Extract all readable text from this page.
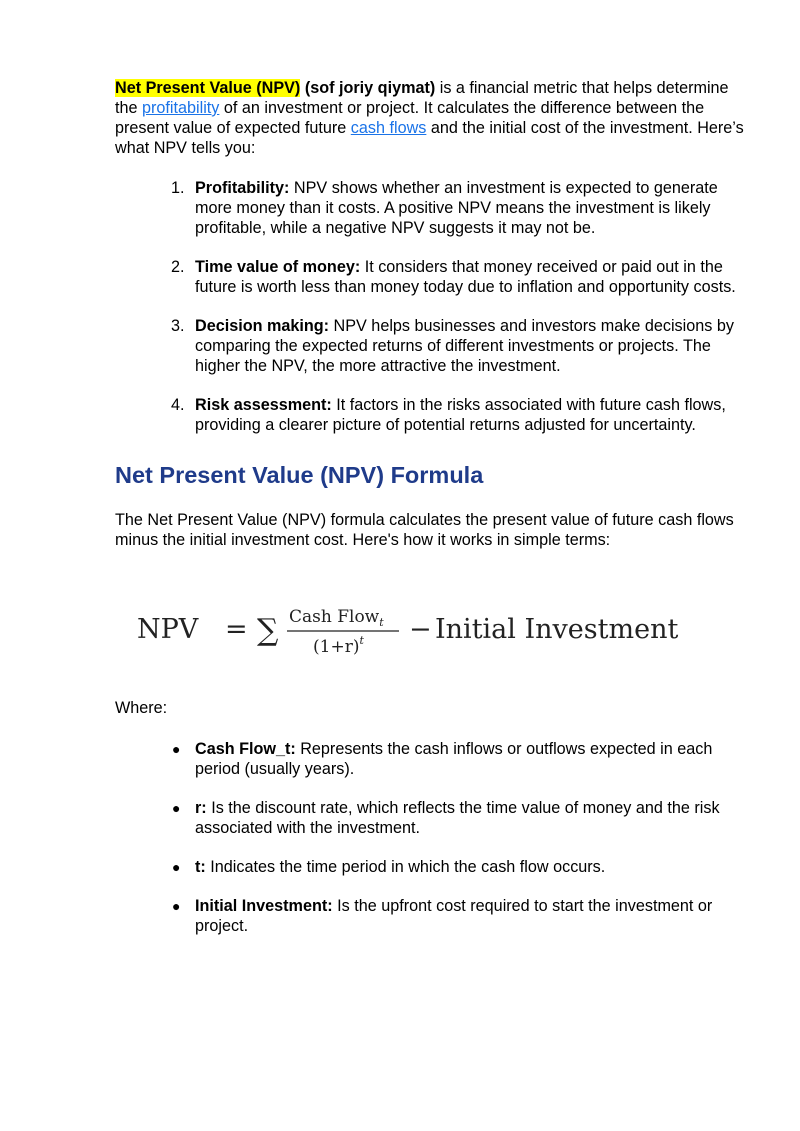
Net Present Value (NPV) (sof joriy qiymat) is a financial metric that helps determine the profitability of an investment or project. It calculates the difference between the present value of expected future cash flows and the initial cost of the investment. Here’s what NPV tells you:

1. Profitability: NPV shows whether an investment is expected to generate more money than it costs. A positive NPV means the investment is likely profitable, while a negative NPV suggests it may not be.
2. Time value of money: It considers that money received or paid out in the future is worth less than money today due to inflation and opportunity costs.
3. Decision making: NPV helps businesses and investors make decisions by comparing the expected returns of different investments or projects. The higher the NPV, the more attractive the investment.
4. Risk assessment: It factors in the risks associated with future cash flows, providing a clearer picture of potential returns adjusted for uncertainty.
Net Present Value (NPV) Formula

The Net Present Value (NPV) formula calculates the present value of future cash flows minus the initial investment cost. Here's how it works in simple terms:

NPV = ∑ Cash Flow$_t$
$(1+r)^t$ − Initial Investment

Where:

● Cash Flow_t: Represents the cash inflows or outflows expected in each period (usually years).
● r: Is the discount rate, which reflects the time value of money and the risk associated with the investment.
● t: Indicates the time period in which the cash flow occurs.
● Initial Investment: Is the upfront cost required to start the investment or project.
